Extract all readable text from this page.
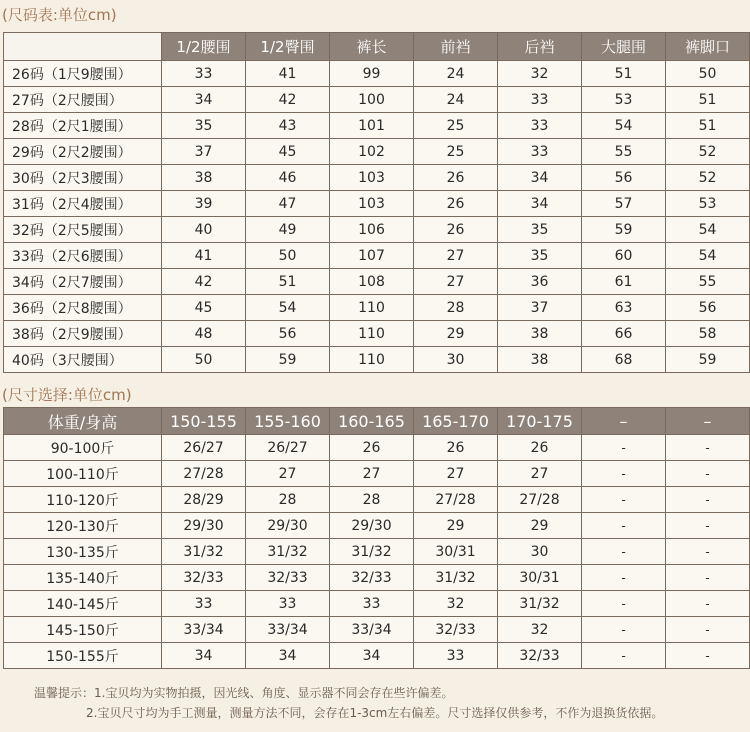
(尺码表:单位cm)
	1/2腰围	1/2臀围	裤长	前裆	后裆	大腿围	裤脚口
26码（1尺9腰围）	33	41	99	24	32	51	50
27码（2尺腰围）	34	42	100	24	33	53	51
28码（2尺1腰围）	35	43	101	25	33	54	51
29码（2尺2腰围）	37	45	102	25	33	55	52
30码（2尺3腰围）	38	46	103	26	34	56	52
31码（2尺4腰围）	39	47	103	26	34	57	53
32码（2尺5腰围）	40	49	106	26	35	59	54
33码（2尺6腰围）	41	50	107	27	35	60	54
34码（2尺7腰围）	42	51	108	27	36	61	55
36码（2尺8腰围）	45	54	110	28	37	63	56
38码（2尺9腰围）	48	56	110	29	38	66	58
40码（3尺腰围）	50	59	110	30	38	68	59
(尺寸选择:单位cm)
体重/身高	150-155	155-160	160-165	165-170	170-175	–	–
90-100斤	26/27	26/27	26	26	26	-	-
100-110斤	27/28	27	27	27	27	-	-
110-120斤	28/29	28	28	27/28	27/28	-	-
120-130斤	29/30	29/30	29/30	29	29	-	-
130-135斤	31/32	31/32	31/32	30/31	30	-	-
135-140斤	32/33	32/33	32/33	31/32	30/31	-	-
140-145斤	33	33	33	32	31/32	-	-
145-150斤	33/34	33/34	33/34	32/33	32	-	-
150-155斤	34	34	34	33	32/33	-	-
温馨提示：1.宝贝均为实物拍摄，因光线、角度、显示器不同会存在些许偏差。
2.宝贝尺寸均为手工测量，测量方法不同，会存在1-3cm左右偏差。尺寸选择仅供参考，不作为退换货依据。
